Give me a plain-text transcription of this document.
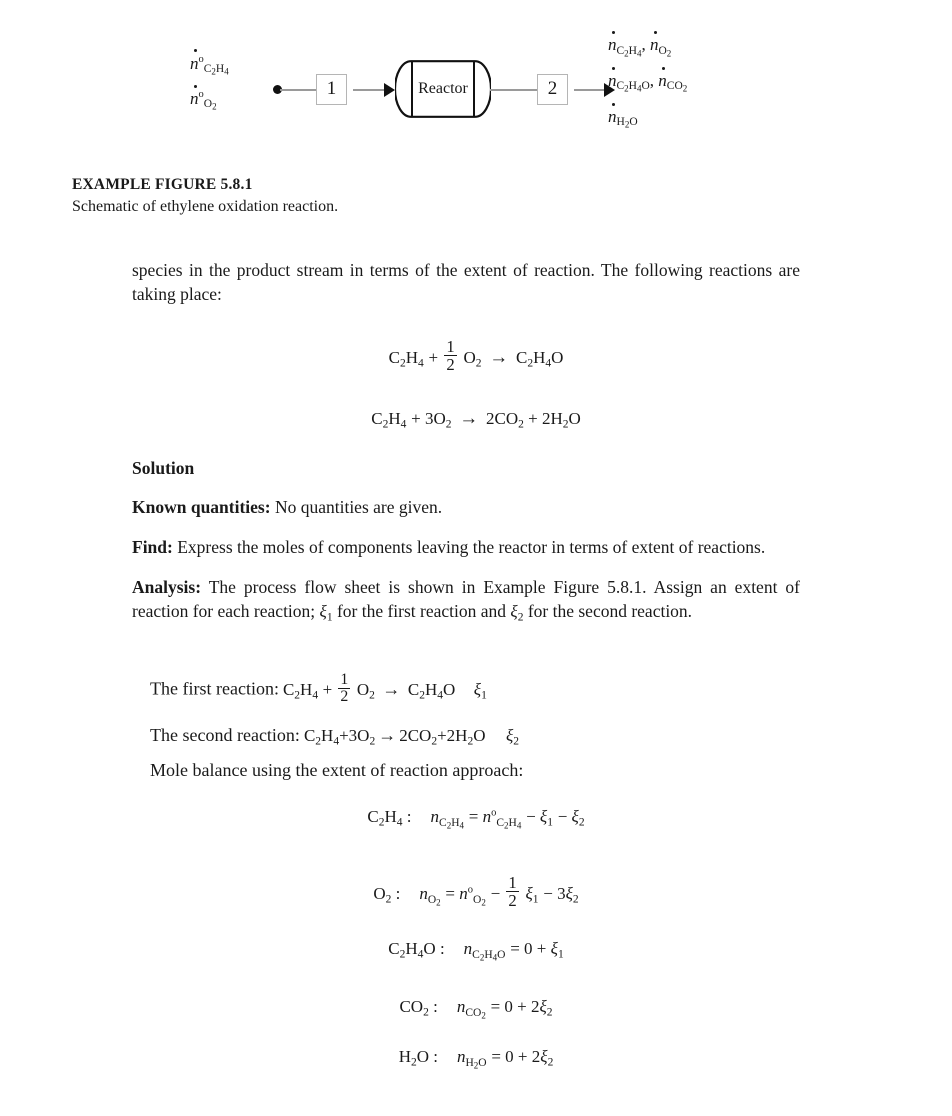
$n^o_{C_2H_4}$
$n^o_{O_2}$
1	Reactor	2
$n_{C_2H_4}$, $n_{O_2}$
$n_{C_2H_4O}$, $n_{CO_2}$
$n_{H_2O}$
EXAMPLE FIGURE 5.8.1
Schematic of ethylene oxidation reaction.

species in the product stream in terms of the extent of reaction. The following reactions are taking place:

$C_2H_4 + \frac{1}{2} O_2 \to C_2H_4O$
$C_2H_4 + 3O_2 \to 2CO_2 + 2H_2O$
Solution

Known quantities: No quantities are given.

Find: Express the moles of components leaving the reactor in terms of extent of reactions.

Analysis: The process flow sheet is shown in Example Figure 5.8.1. Assign an extent of reaction for each reaction; $\xi_1$ for the first reaction and $\xi_2$ for the second reaction.

The first reaction: $C_2H_4 + \frac{1}{2} O_2 \to C_2H_4O$ $\xi_1$
The second reaction: $C_2H_4+3O_2 \to 2CO_2+2H_2O$ $\xi_2$
Mole balance using the extent of reaction approach:
$C_2H_4$ : $n_{C_2H_4} = n^o_{C_2H_4} - \xi_1 - \xi_2$
$O_2$ : $n_{O_2} = n^o_{O_2} - \frac{1}{2} \xi_1 - 3\xi_2$
$C_2H_4O$ : $n_{C_2H_4O} = 0 + \xi_1$
$CO_2$ : $n_{CO_2} = 0 + 2\xi_2$
$H_2O$ : $n_{H_2O} = 0 + 2\xi_2$
